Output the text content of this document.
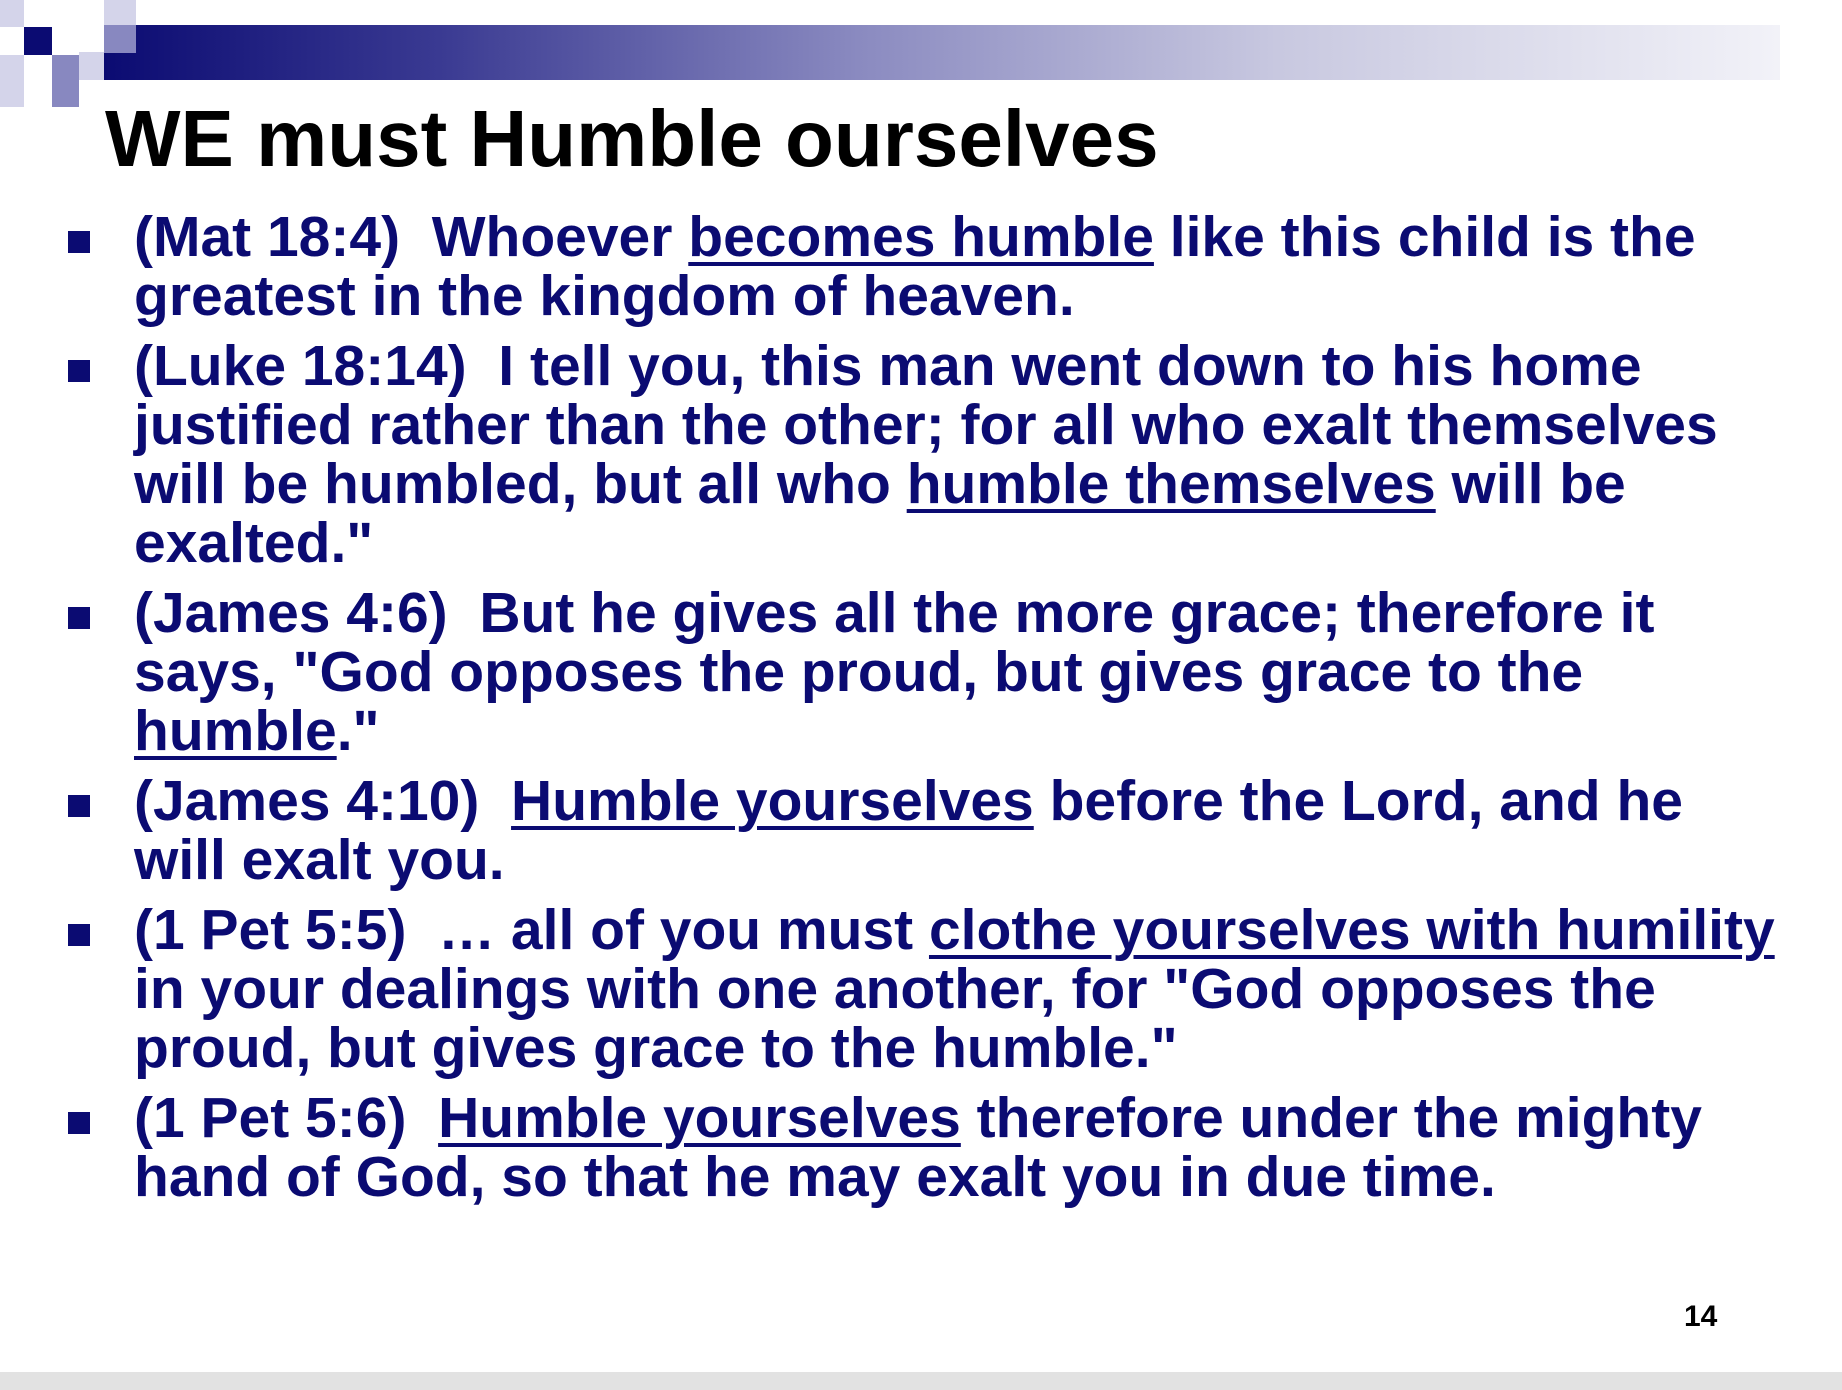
WE must Humble ourselves
(Mat 18:4)  Whoever becomes humble like this child is the greatest in the kingdom of heaven.
(Luke 18:14)  I tell you, this man went down to his home justified rather than the other; for all who exalt themselves will be humbled, but all who humble themselves will be exalted."
(James 4:6)  But he gives all the more grace; therefore it says, "God opposes the proud, but gives grace to the humble."
(James 4:10)  Humble yourselves before the Lord, and he will exalt you.
(1 Pet 5:5)  … all of you must clothe yourselves with humility in your dealings with one another, for "God opposes the proud, but gives grace to the humble."
(1 Pet 5:6)  Humble yourselves therefore under the mighty hand of God, so that he may exalt you in due time.
14
